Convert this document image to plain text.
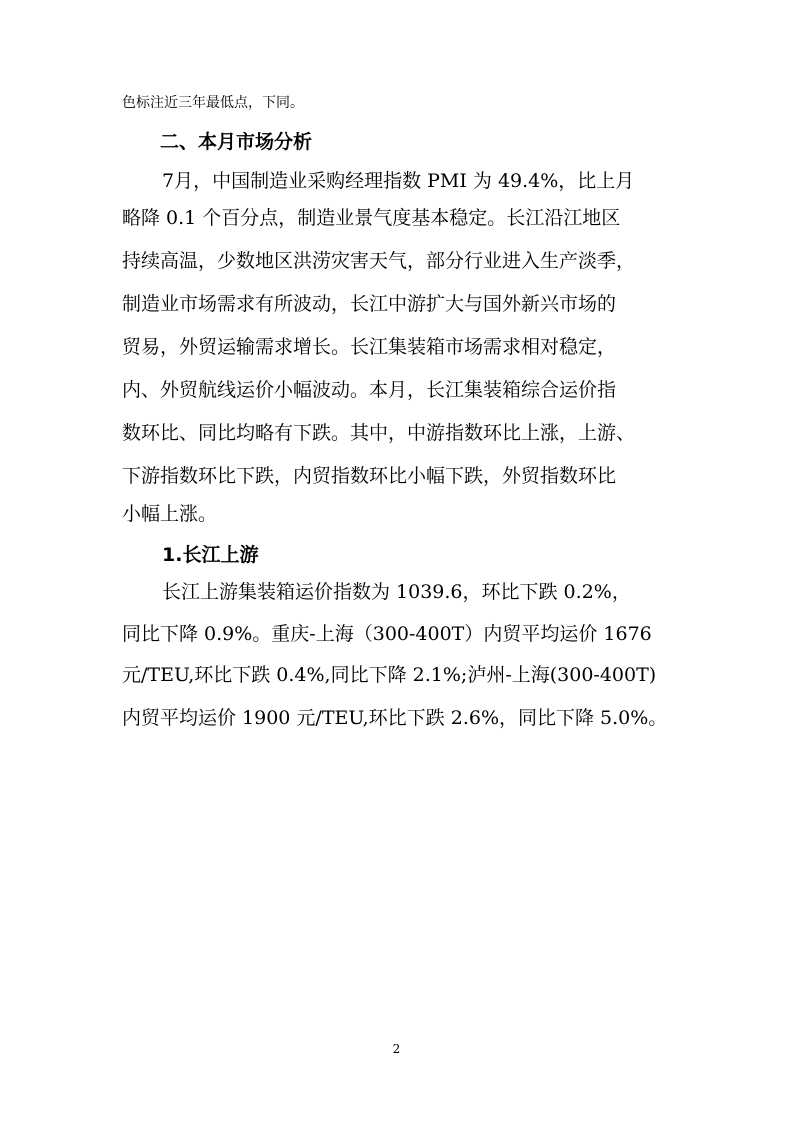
色标注近三年最低点，下同。
二、本月市场分析
7月，中国制造业采购经理指数 PMI 为 49.4%，比上月
略降 0.1 个百分点，制造业景气度基本稳定。长江沿江地区
持续高温，少数地区洪涝灾害天气，部分行业进入生产淡季，
制造业市场需求有所波动，长江中游扩大与国外新兴市场的
贸易，外贸运输需求增长。长江集装箱市场需求相对稳定，
内、外贸航线运价小幅波动。本月，长江集装箱综合运价指
数环比、同比均略有下跌。其中，中游指数环比上涨，上游、
下游指数环比下跌，内贸指数环比小幅下跌，外贸指数环比
小幅上涨。
1.长江上游
长江上游集装箱运价指数为 1039.6，环比下跌 0.2%，
同比下降 0.9%。重庆-上海（300-400T）内贸平均运价 1676
元/TEU,环比下跌 0.4%,同比下降 2.1%;泸州-上海(300-400T)
内贸平均运价 1900 元/TEU,环比下跌 2.6%，同比下降 5.0%。
2
